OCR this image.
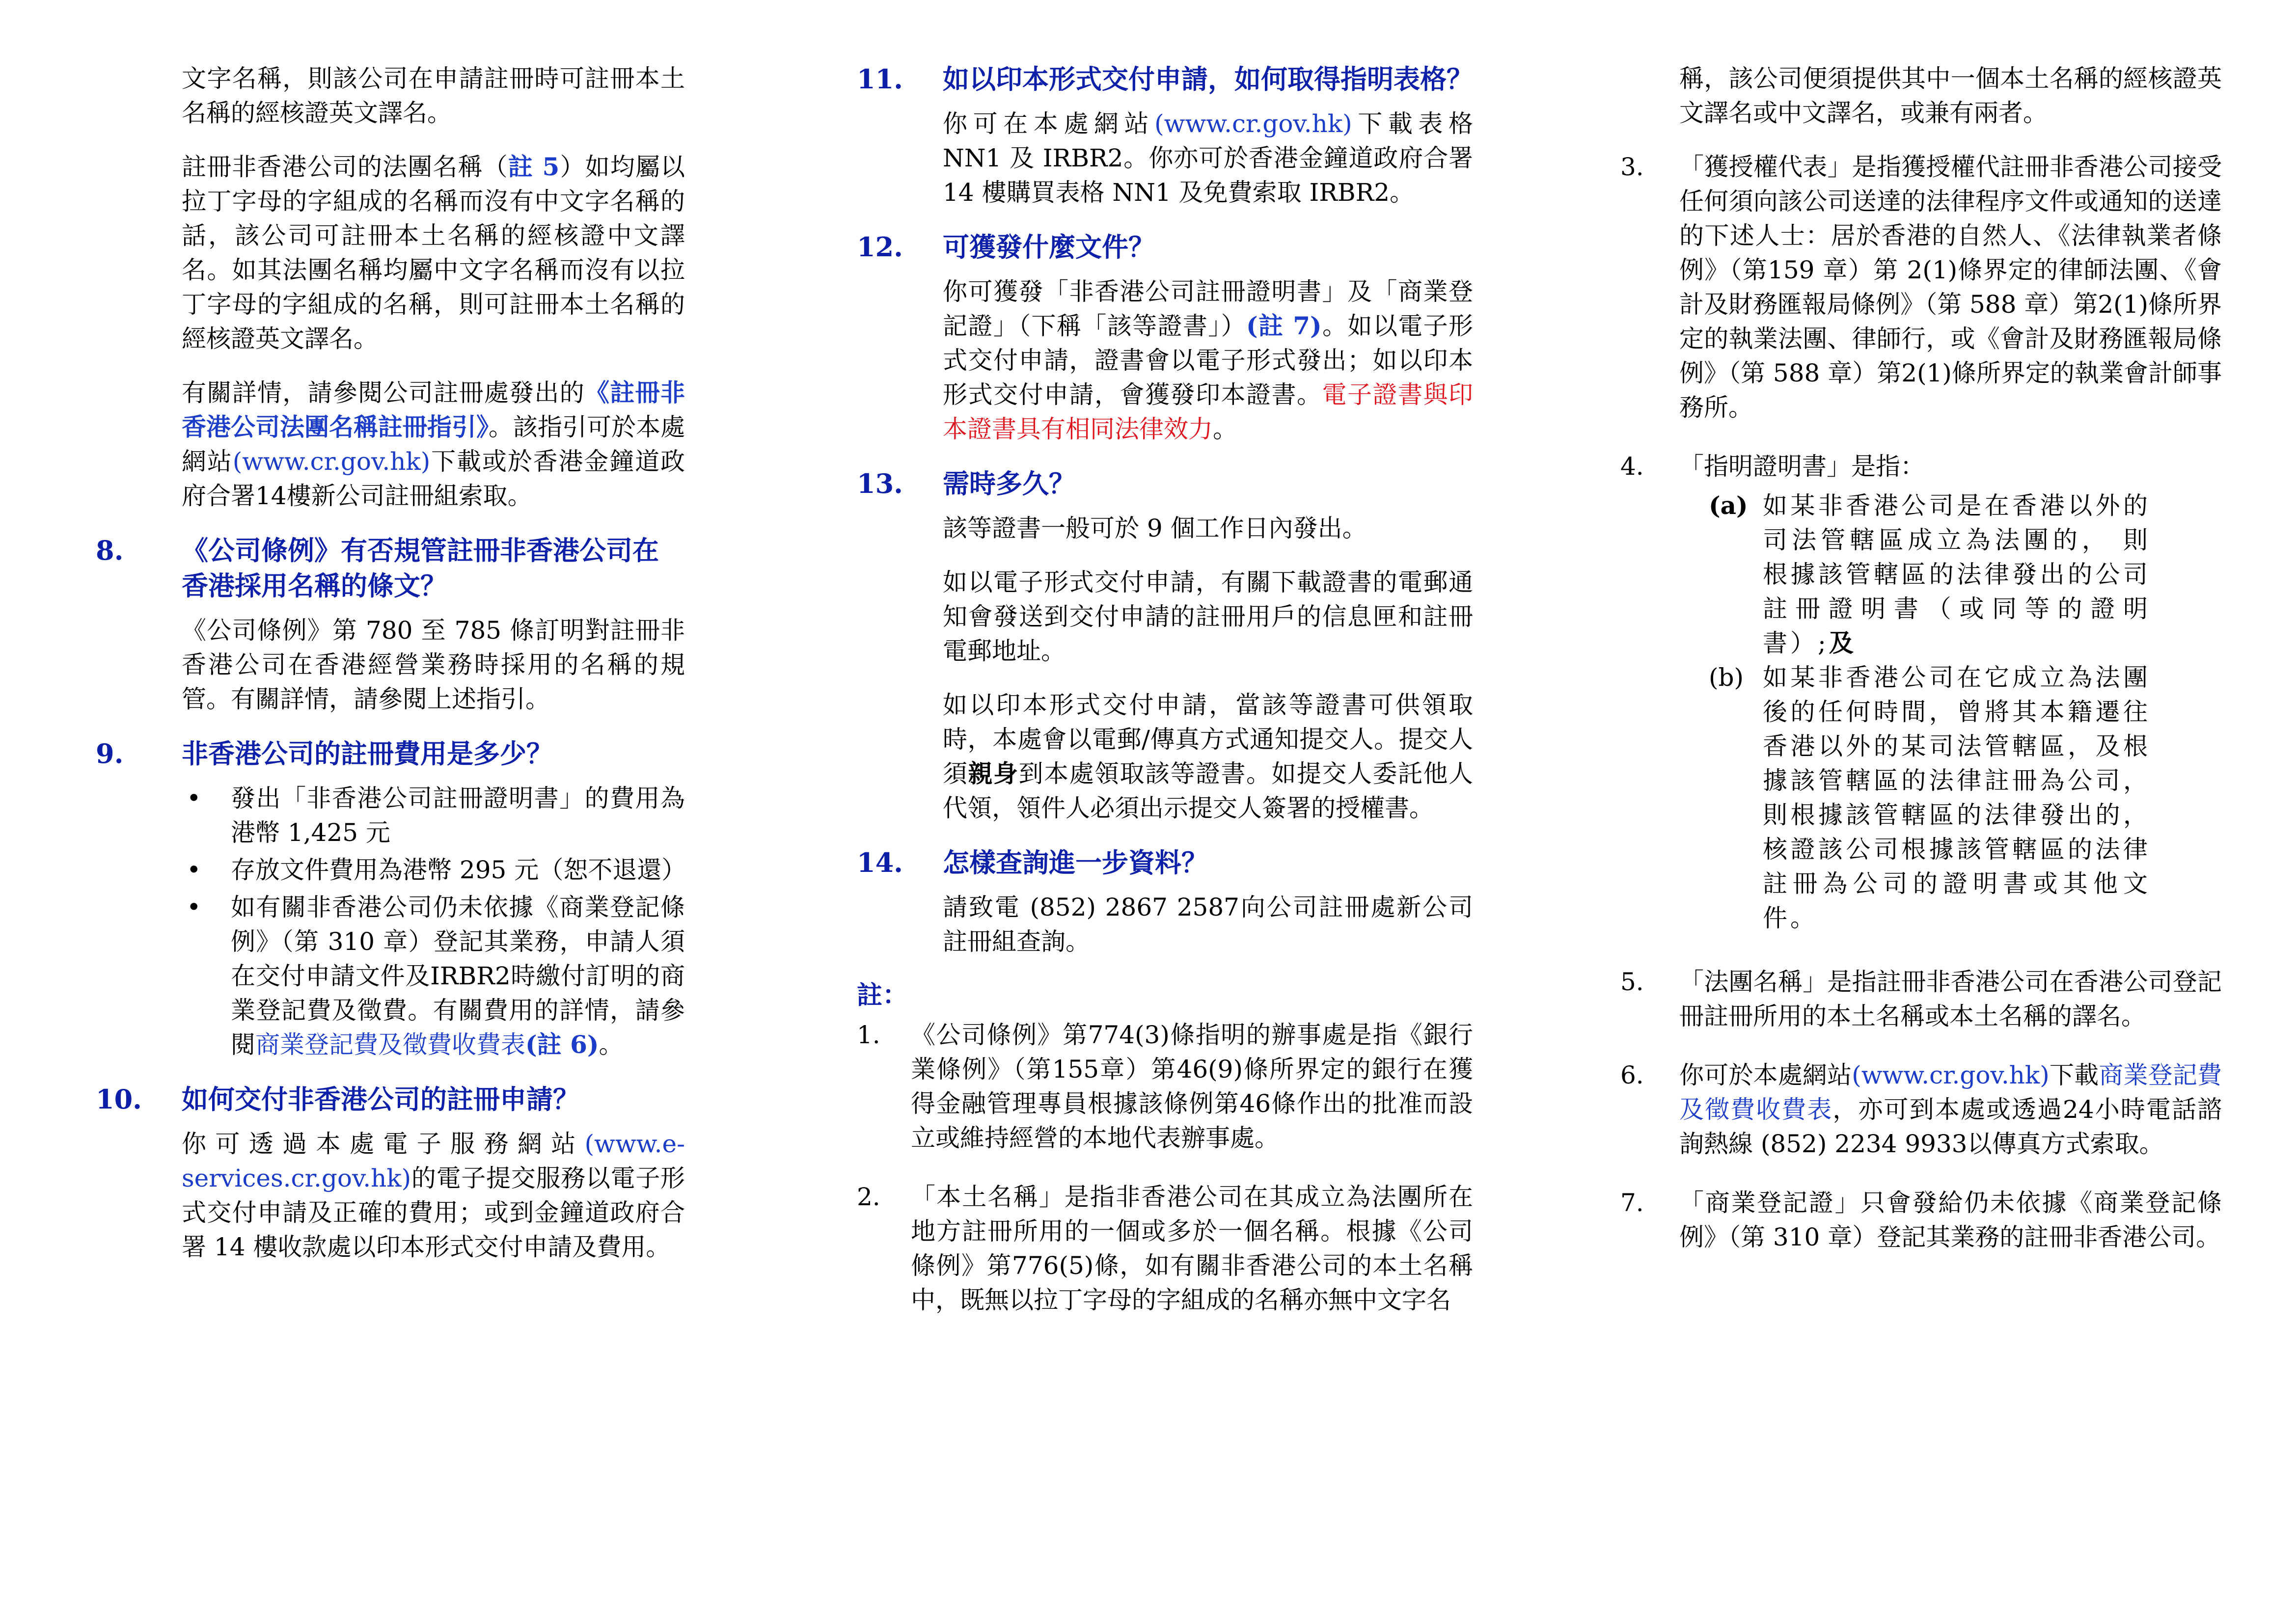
文字名稱，則該公司在申請註冊時可註冊本土名稱的經核證英文譯名。

註冊非香港公司的法團名稱（註 5）如均屬以拉丁字母的字組成的名稱而沒有中文字名稱的話，該公司可註冊本土名稱的經核證中文譯名。如其法團名稱均屬中文字名稱而沒有以拉丁字母的字組成的名稱，則可註冊本土名稱的經核證英文譯名。

有關詳情，請參閱公司註冊處發出的《註冊非香港公司法團名稱註冊指引》。該指引可於本處網站(www.cr.gov.hk)下載或於香港金鐘道政府合署14樓新公司註冊組索取。

8. 《公司條例》有否規管註冊非香港公司在香港採用名稱的條文？

《公司條例》第 780 至 785 條訂明對註冊非香港公司在香港經營業務時採用的名稱的規管。有關詳情，請參閱上述指引。

9. 非香港公司的註冊費用是多少？
• 發出「非香港公司註冊證明書」的費用為港幣 1,425 元
• 存放文件費用為港幣 295 元（恕不退還）
• 如有關非香港公司仍未依據《商業登記條例》（第 310 章）登記其業務，申請人須在交付申請文件及IRBR2時繳付訂明的商業登記費及徵費。有關費用的詳情，請參閱商業登記費及徵費收費表(註 6)。
10. 如何交付非香港公司的註冊申請？

你可透過本處電子服務網站(www.e-services.cr.gov.hk)的電子提交服務以電子形式交付申請及正確的費用；或到金鐘道政府合署 14 樓收款處以印本形式交付申請及費用。

11. 如以印本形式交付申請，如何取得指明表格？

你可在本處網站(www.cr.gov.hk)下載表格 NN1 及 IRBR2。你亦可於香港金鐘道政府合署 14 樓購買表格 NN1 及免費索取 IRBR2。

12. 可獲發什麼文件？

你可獲發「非香港公司註冊證明書」及「商業登記證」（下稱「該等證書」）(註 7)。如以電子形式交付申請，證書會以電子形式發出；如以印本形式交付申請，會獲發印本證書。電子證書與印本證書具有相同法律效力。

13. 需時多久？

該等證書一般可於 9 個工作日內發出。

如以電子形式交付申請，有關下載證書的電郵通知會發送到交付申請的註冊用戶的信息匣和註冊電郵地址。

如以印本形式交付申請，當該等證書可供領取時，本處會以電郵/傳真方式通知提交人。提交人須親身到本處領取該等證書。如提交人委託他人代領，領件人必須出示提交人簽署的授權書。

14. 怎樣查詢進一步資料？

請致電 (852) 2867 2587向公司註冊處新公司註冊組查詢。

註：
1. 《公司條例》第774(3)條指明的辦事處是指《銀行業條例》（第155章）第46(9)條所界定的銀行在獲得金融管理專員根據該條例第46條作出的批准而設立或維持經營的本地代表辦事處。

2. 「本土名稱」是指非香港公司在其成立為法團所在地方註冊所用的一個或多於一個名稱。根據《公司條例》第776(5)條，如有關非香港公司的本土名稱中，既無以拉丁字母的字組成的名稱亦無中文字名

稱，該公司便須提供其中一個本土名稱的經核證英文譯名或中文譯名，或兼有兩者。

3. 「獲授權代表」是指獲授權代註冊非香港公司接受任何須向該公司送達的法律程序文件或通知的送達的下述人士：居於香港的自然人、《法律執業者條例》（第159 章）第 2(1)條界定的律師法團、《會計及財務匯報局條例》（第 588 章）第2(1)條所界定的執業法團、律師行，或《會計及財務匯報局條例》（第 588 章）第2(1)條所界定的執業會計師事務所。

4. 「指明證明書」是指：

(a) 如某非香港公司是在香港以外的司法管轄區成立為法團的， 則根據該管轄區的法律發出的公司註冊證明書（或同等的證明書）;及

(b) 如某非香港公司在它成立為法團後的任何時間，曾將其本籍遷往香港以外的某司法管轄區，及根據該管轄區的法律註冊為公司，則根據該管轄區的法律發出的，核證該公司根據該管轄區的法律註冊為公司的證明書或其他文件。

5. 「法團名稱」是指註冊非香港公司在香港公司登記冊註冊所用的本土名稱或本土名稱的譯名。

6. 你可於本處網站(www.cr.gov.hk)下載商業登記費及徵費收費表，亦可到本處或透過24小時電話諮詢熱線 (852) 2234 9933以傳真方式索取。

7. 「商業登記證」只會發給仍未依據《商業登記條例》（第 310 章）登記其業務的註冊非香港公司。
